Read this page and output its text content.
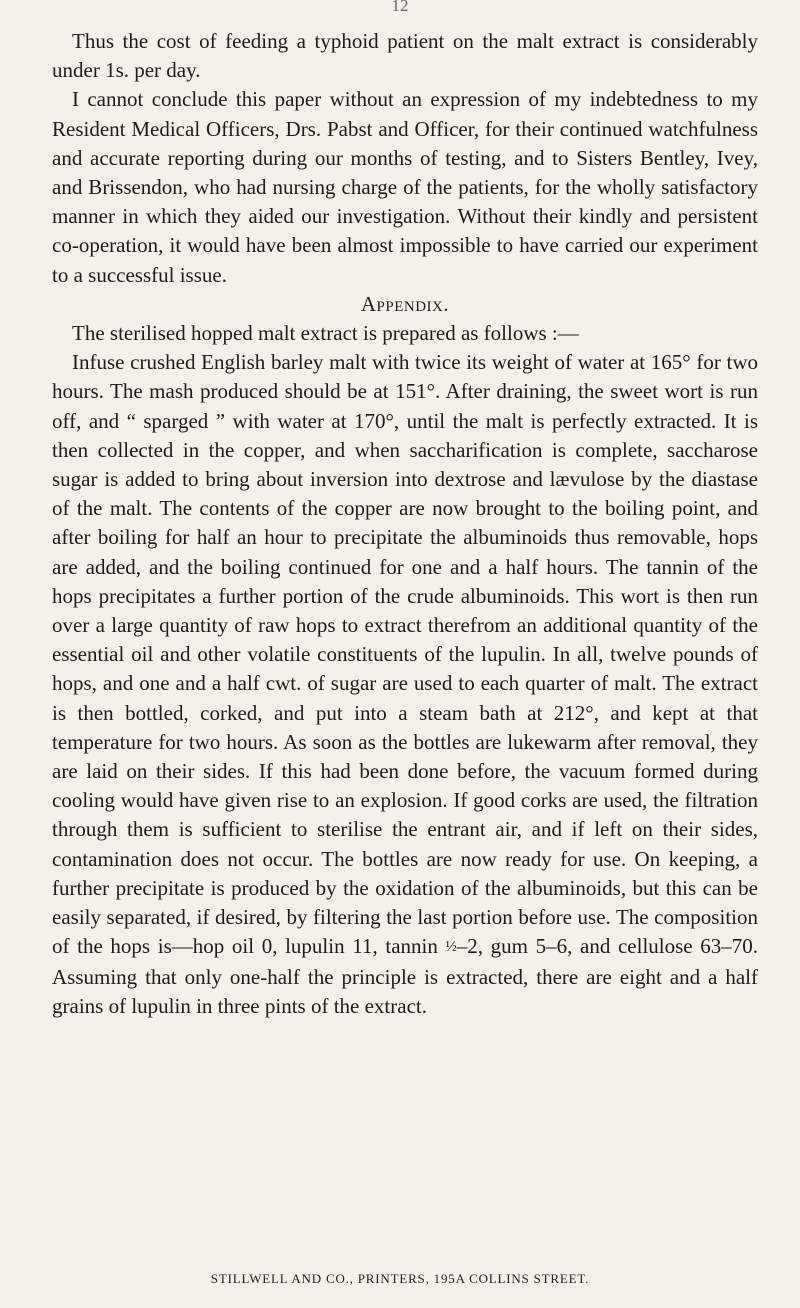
12

Thus the cost of feeding a typhoid patient on the malt extract is considerably under 1s. per day.

I cannot conclude this paper without an expression of my indebtedness to my Resident Medical Officers, Drs. Pabst and Officer, for their continued watchfulness and accurate reporting during our months of testing, and to Sisters Bentley, Ivey, and Brissendon, who had nursing charge of the patients, for the wholly satisfactory manner in which they aided our investigation. Without their kindly and persistent co-operation, it would have been almost impossible to have carried our experiment to a successful issue.

Appendix.

The sterilised hopped malt extract is prepared as follows :—

Infuse crushed English barley malt with twice its weight of water at 165° for two hours. The mash produced should be at 151°. After draining, the sweet wort is run off, and “ sparged ” with water at 170°, until the malt is perfectly extracted. It is then collected in the copper, and when saccharification is complete, saccharose sugar is added to bring about inversion into dextrose and lævulose by the diastase of the malt. The contents of the copper are now brought to the boiling point, and after boiling for half an hour to precipitate the albuminoids thus removable, hops are added, and the boiling continued for one and a half hours. The tannin of the hops precipitates a further portion of the crude albuminoids. This wort is then run over a large quantity of raw hops to extract therefrom an additional quantity of the essential oil and other volatile constituents of the lupulin. In all, twelve pounds of hops, and one and a half cwt. of sugar are used to each quarter of malt. The extract is then bottled, corked, and put into a steam bath at 212°, and kept at that temperature for two hours. As soon as the bottles are lukewarm after removal, they are laid on their sides. If this had been done before, the vacuum formed during cooling would have given rise to an explosion. If good corks are used, the filtration through them is sufficient to sterilise the entrant air, and if left on their sides, contamination does not occur. The bottles are now ready for use. On keeping, a further precipitate is produced by the oxidation of the albuminoids, but this can be easily separated, if desired, by filtering the last portion before use. The composition of the hops is—hop oil 0, lupulin 11, tannin ½–2, gum 5–6, and cellulose 63–70. Assuming that only one-half the principle is extracted, there are eight and a half grains of lupulin in three pints of the extract.

STILLWELL AND CO., PRINTERS, 195A COLLINS STREET.
